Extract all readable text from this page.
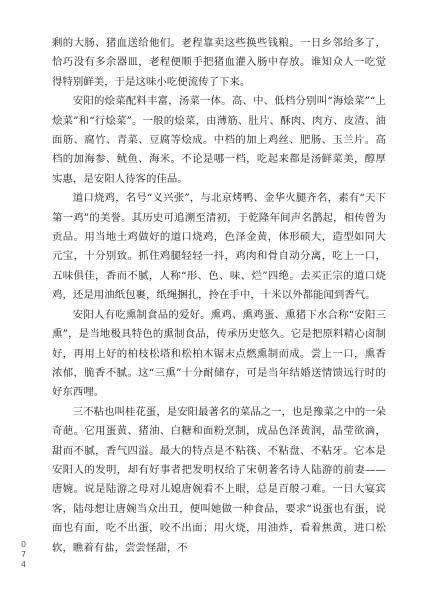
剩的大肠、猪血送给他们。老程靠卖这些换些钱粮。一日乡邻给多了，恰巧没有多余器皿，老程便顺手把猪血灌入肠中存放。谁知众人一吃觉得特别鲜美，于是这味小吃便流传了下来。

安阳的烩菜配料丰富，汤菜一体。高、中、低档分别叫“海烩菜”“上烩菜”和“行烩菜”。一般的烩菜，由薄筋、肚片、酥肉、肉方、皮渣、油面筋、腐竹、青菜、豆腐等烩成。中档的加上鸡丝、肥肠、玉兰片。高档的加海参、鱿鱼、海米。不论是哪一档，吃起来都是汤鲜菜美，醇厚实惠，是安阳人待客的佳品。

道口烧鸡，名号“义兴张”，与北京烤鸭、金华火腿齐名，素有“天下第一鸡”的美誉。其历史可追溯至清初，于乾隆年间声名鹊起，相传曾为贡品。用当地土鸡做好的道口烧鸡，色泽金黄，体形硕大，造型如同大元宝，十分别致。抓住鸡腿轻轻一抖，鸡肉和骨自动分离，吃上一口，五味俱佳，香而不腻，人称“形、色、味、烂”四绝。去买正宗的道口烧鸡，还是用油纸包裹，纸绳捆扎，拎在手中，十米以外都能闻到香气。

安阳人有吃熏制食品的爱好。熏鸡、熏鸡蛋、熏猪下水合称“安阳三熏”，是当地极具特色的熏制食品，传承历史悠久。它是把原料精心卤制好，再用上好的柏枝松塔和松柏木锯末点燃熏制而成。尝上一口，熏香浓郁，脆香不腻。这“三熏”十分耐储存，可是当年结婚送情馈远行时的好东西哩。

三不粘也叫桂花蛋，是安阳最著名的菜品之一，也是豫菜之中的一朵奇葩。它用蛋黄、猪油、白糖和面粉烹制，成品色泽黄润，晶莹欲滴，甜而不腻，香气四溢。最大的特点是不粘筷、不粘盘、不粘牙。它本是安阳人的发明，却有好事者把发明权给了宋朝著名诗人陆游的前妻——唐婉。说是陆游之母对儿媳唐婉看不上眼，总是百般刁难。一日大宴宾客，陆母想让唐婉当众出丑，便叫她做一种食品，要求“说蛋也有蛋，说面也有面，吃不出蛋，咬不出面；用火烧，用油炸，看着焦黄，进口松软，瞧着有盐，尝尝怪甜，不

074
